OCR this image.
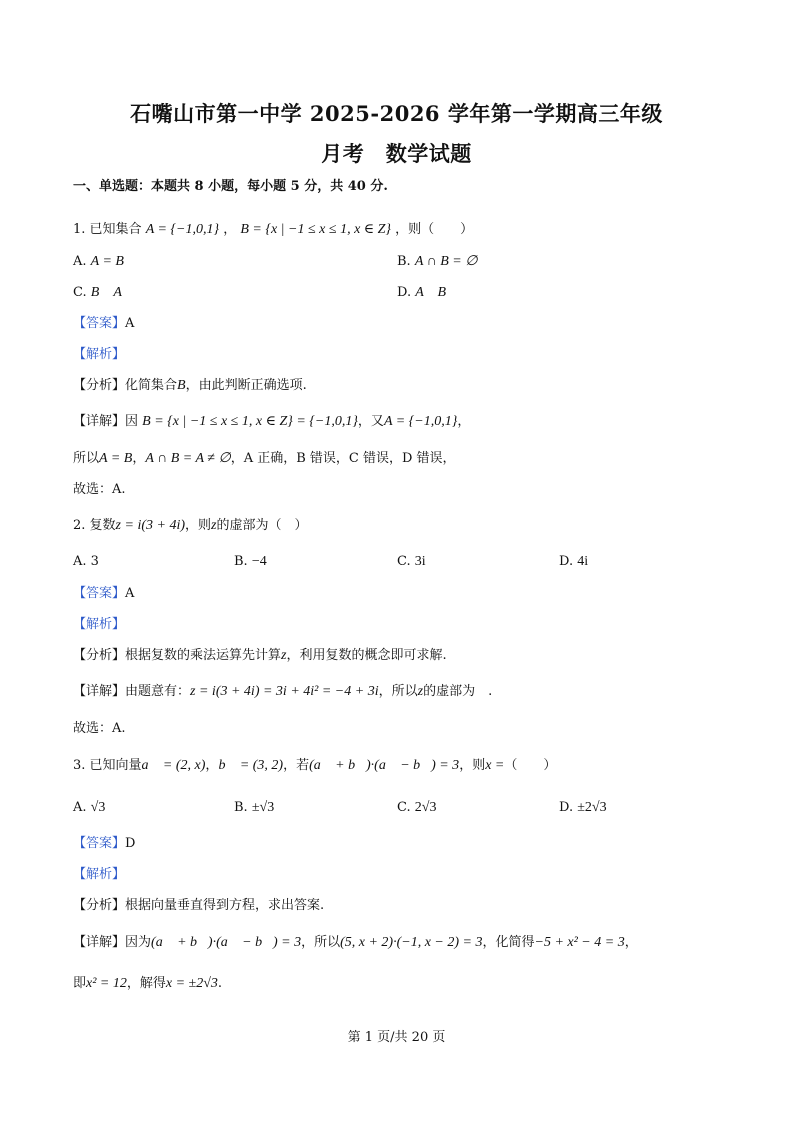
石嘴山市第一中学 2025-2026 学年第一学期高三年级
月考　数学试题
一、单选题：本题共 8 小题，每小题 5 分，共 40 分.
1. 已知集合 A = {−1,0,1} ， B = {x | −1 ≤ x ≤ 1, x ∈ Z} ，则（　　）
A. A = B	B. A ∩ B = ∅
C. B　A	D. A　B
【答案】A
【解析】
【分析】化简集合B，由此判断正确选项.
【详解】因 B = {x | −1 ≤ x ≤ 1, x ∈ Z} = {−1,0,1}，又A = {−1,0,1}，
所以A = B，A ∩ B = A ≠ ∅，A 正确，B 错误，C 错误，D 错误，
故选：A.
2. 复数z = i(3 + 4i)，则z的虚部为（　）
A. 3	B. −4	C. 3i	D. 4i
【答案】A
【解析】
【分析】根据复数的乘法运算先计算z，利用复数的概念即可求解.
【详解】由题意有：z = i(3 + 4i) = 3i + 4i² = −4 + 3i，所以z的虚部为　.
故选：A.
3. 已知向量a⃗ = (2, x)，b⃗ = (3, 2)，若(a⃗ + b⃗)·(a⃗ − b⃗) = 3，则x =（　　）
A. √3	B. ±√3	C. 2√3	D. ±2√3
【答案】D
【解析】
【分析】根据向量垂直得到方程，求出答案.
【详解】因为(a⃗ + b⃗)·(a⃗ − b⃗) = 3，所以(5, x + 2)·(−1, x − 2) = 3，化简得−5 + x² − 4 = 3，
即x² = 12，解得x = ±2√3.
第 1 页/共 20 页
